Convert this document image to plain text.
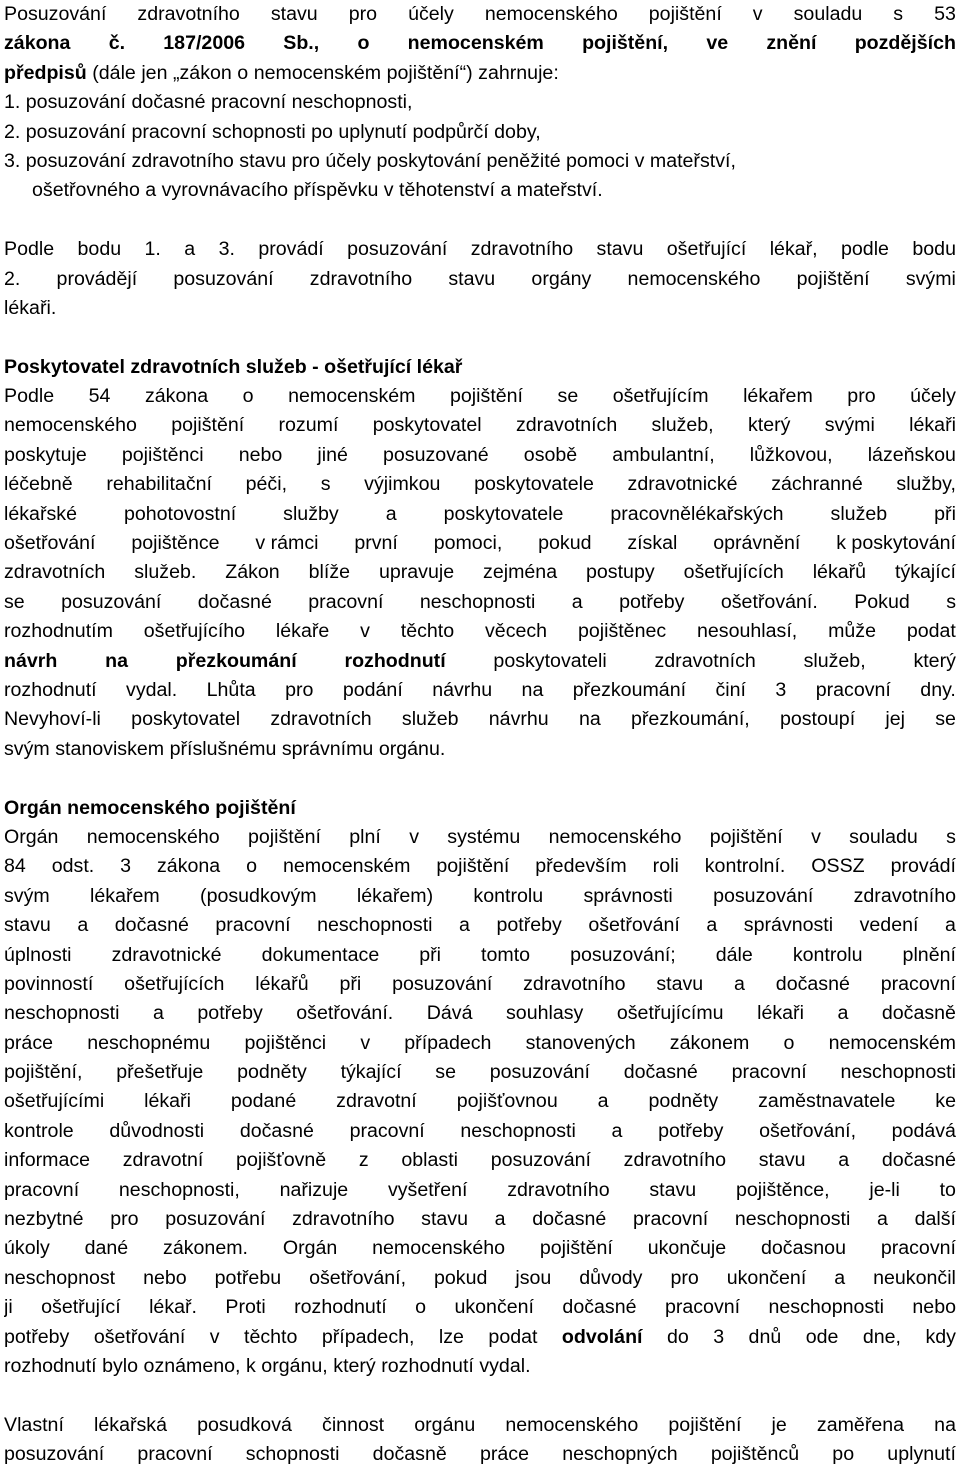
Posuzování zdravotního stavu pro účely nemocenského pojištění v souladu s 53
zákona č. 187/2006 Sb., o nemocenském pojištění, ve znění pozdějších
předpisů (dále jen „zákon o nemocenském pojištění“) zahrnuje:
1. posuzování dočasné pracovní neschopnosti,
2. posuzování pracovní schopnosti po uplynutí podpůrčí doby,
3. posuzování zdravotního stavu pro účely poskytování peněžité pomoci v mateřství,
ošetřovného a vyrovnávacího příspěvku v těhotenství a mateřství.
Podle bodu 1. a 3. provádí posuzování zdravotního stavu ošetřující lékař, podle bodu
2. provádějí posuzování zdravotního stavu orgány nemocenského pojištění svými
lékaři.
Poskytovatel zdravotních služeb - ošetřující lékař
Podle 54 zákona o nemocenském pojištění se ošetřujícím lékařem pro účely
nemocenského pojištění rozumí poskytovatel zdravotních služeb, který svými lékaři
poskytuje pojištěnci nebo jiné posuzované osobě ambulantní, lůžkovou, lázeňskou
léčebně rehabilitační péči, s výjimkou poskytovatele zdravotnické záchranné služby,
lékařské pohotovostní služby a poskytovatele pracovnělékařských služeb při
ošetřování pojištěnce v rámci první pomoci, pokud získal oprávnění k poskytování
zdravotních služeb. Zákon blíže upravuje zejména postupy ošetřujících lékařů týkající
se posuzování dočasné pracovní neschopnosti a potřeby ošetřování. Pokud s
rozhodnutím ošetřujícího lékaře v těchto věcech pojištěnec nesouhlasí, může podat
návrh na přezkoumání rozhodnutí poskytovateli zdravotních služeb, který
rozhodnutí vydal. Lhůta pro podání návrhu na přezkoumání činí 3 pracovní dny.
Nevyhoví-li poskytovatel zdravotních služeb návrhu na přezkoumání, postoupí jej se
svým stanoviskem příslušnému správnímu orgánu.
Orgán nemocenského pojištění
Orgán nemocenského pojištění plní v systému nemocenského pojištění v souladu s
84 odst. 3 zákona o nemocenském pojištění především roli kontrolní. OSSZ provádí
svým lékařem (posudkovým lékařem) kontrolu správnosti posuzování zdravotního
stavu a dočasné pracovní neschopnosti a potřeby ošetřování a správnosti vedení a
úplnosti zdravotnické dokumentace při tomto posuzování; dále kontrolu plnění
povinností ošetřujících lékařů při posuzování zdravotního stavu a dočasné pracovní
neschopnosti a potřeby ošetřování. Dává souhlasy ošetřujícímu lékaři a dočasně
práce neschopnému pojištěnci v případech stanovených zákonem o nemocenském
pojištění, přešetřuje podněty týkající se posuzování dočasné pracovní neschopnosti
ošetřujícími lékaři podané zdravotní pojišťovnou a podněty zaměstnavatele ke
kontrole důvodnosti dočasné pracovní neschopnosti a potřeby ošetřování, podává
informace zdravotní pojišťovně z oblasti posuzování zdravotního stavu a dočasné
pracovní neschopnosti, nařizuje vyšetření zdravotního stavu pojištěnce, je-li to
nezbytné pro posuzování zdravotního stavu a dočasné pracovní neschopnosti a další
úkoly dané zákonem. Orgán nemocenského pojištění ukončuje dočasnou pracovní
neschopnost nebo potřebu ošetřování, pokud jsou důvody pro ukončení a neukončil
ji ošetřující lékař. Proti rozhodnutí o ukončení dočasné pracovní neschopnosti nebo
potřeby ošetřování v těchto případech, lze podat odvolání do 3 dnů ode dne, kdy
rozhodnutí bylo oznámeno, k orgánu, který rozhodnutí vydal.
Vlastní lékařská posudková činnost orgánu nemocenského pojištění je zaměřena na
posuzování pracovní schopnosti dočasně práce neschopných pojištěnců po uplynutí
